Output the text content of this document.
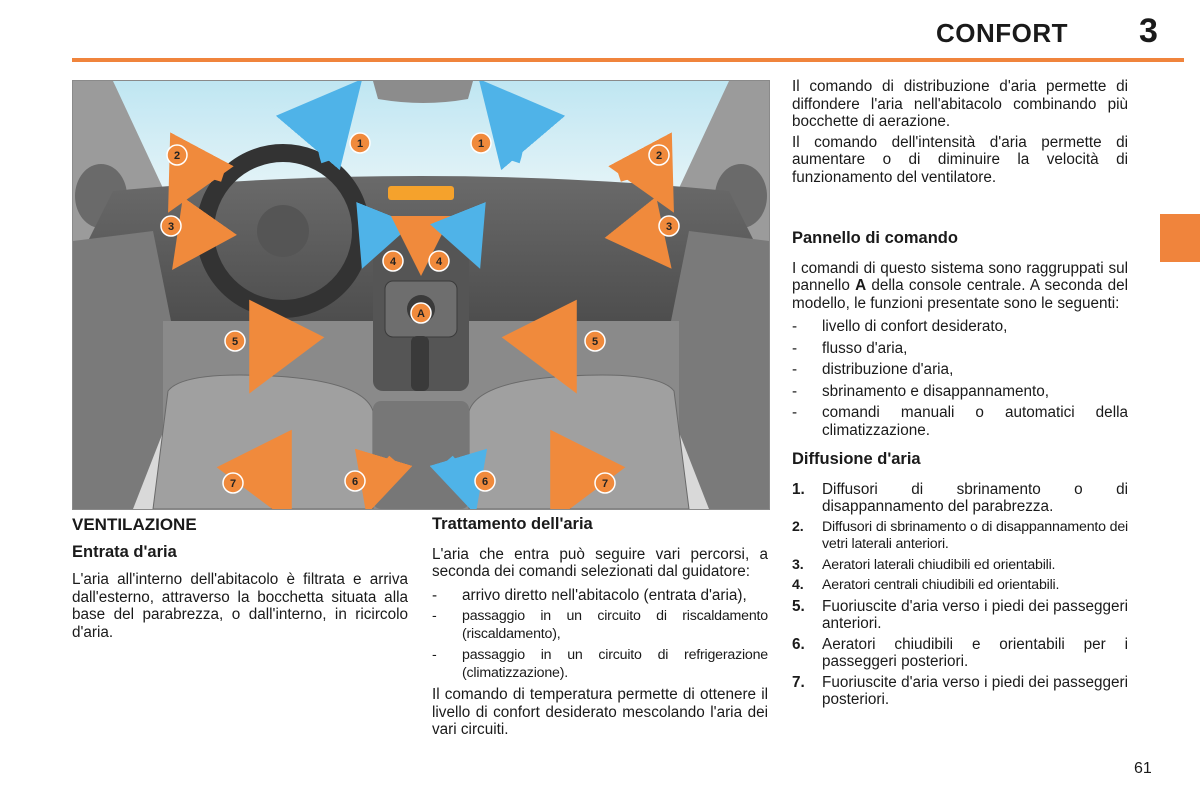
CONFORT 3
1	1
2	2
3	3
4	4
A
5	5
6	6
7	7
VENTILAZIONE
Entrata d'aria

L'aria all'interno dell'abitacolo è filtrata e arriva dall'esterno, attraverso la bocchetta situata alla base del parabrezza, o dall'interno, in ricircolo d'aria.

Trattamento dell'aria

L'aria che entra può seguire vari percorsi, a seconda dei comandi selezionati dal guidatore:

- arrivo diretto nell'abitacolo (entrata d'aria),
- passaggio in un circuito di riscaldamento (riscaldamento),
- passaggio in un circuito di refrigerazione (climatizzazione).

Il comando di temperatura permette di ottenere il livello di confort desiderato mescolando l'aria dei vari circuiti.

Il comando di distribuzione d'aria permette di diffondere l'aria nell'abitacolo combinando più bocchette di aerazione.

Il comando dell'intensità d'aria permette di aumentare o di diminuire la velocità di funzionamento del ventilatore.

Pannello di comando

I comandi di questo sistema sono raggruppati sul pannello A della console centrale. A seconda del modello, le funzioni presentate sono le seguenti:

- livello di confort desiderato,
- flusso d'aria,
- distribuzione d'aria,
- sbrinamento e disappannamento,
- comandi manuali o automatici della climatizzazione.
Diffusione d'aria
1. Diffusori di sbrinamento o di disappannamento del parabrezza.
2. Diffusori di sbrinamento o di disappannamento dei vetri laterali anteriori.
3. Aeratori laterali chiudibili ed orientabili.
4. Aeratori centrali chiudibili ed orientabili.
5. Fuoriuscite d'aria verso i piedi dei passeggeri anteriori.
6. Aeratori chiudibili e orientabili per i passeggeri posteriori.
7. Fuoriuscite d'aria verso i piedi dei passeggeri posteriori.
61
